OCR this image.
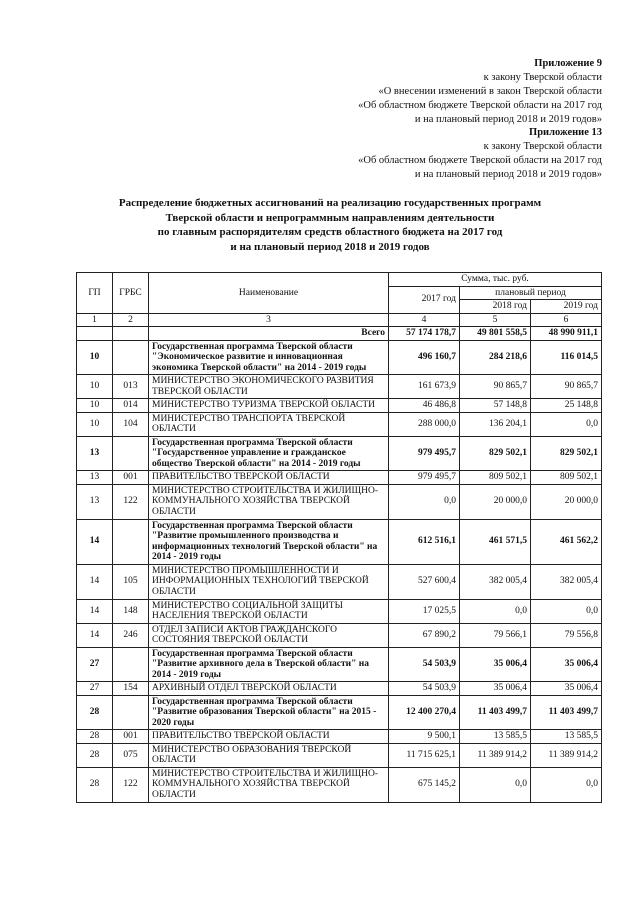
Приложение 9
к закону Тверской области
«О внесении изменений в закон Тверской области
«Об областном бюджете Тверской области на 2017 год
и на плановый период 2018 и 2019 годов»
Приложение 13
к закону Тверской области
«Об областном бюджете Тверской области на 2017 год
и на плановый период 2018 и 2019 годов»
Распределение бюджетных ассигнований на реализацию государственных программ
Тверской области и непрограммным направлениям деятельности
по главным распорядителям средств областного бюджета на 2017 год
и на плановый период 2018 и 2019 годов
ГП	ГРБС	Наименование	Сумма, тыс. руб.		
			2017 год	плановый период	
				2018 год	2019 год
1	2	3	4	5	6
		Всего	57 174 178,7	49 801 558,5	48 990 911,1
10		Государственная программа Тверской области "Экономическое развитие и инновационная экономика Тверской области" на 2014 - 2019 годы	496 160,7	284 218,6	116 014,5
10	013	МИНИСТЕРСТВО ЭКОНОМИЧЕСКОГО РАЗВИТИЯ ТВЕРСКОЙ ОБЛАСТИ	161 673,9	90 865,7	90 865,7
10	014	МИНИСТЕРСТВО ТУРИЗМА ТВЕРСКОЙ ОБЛАСТИ	46 486,8	57 148,8	25 148,8
10	104	МИНИСТЕРСТВО ТРАНСПОРТА ТВЕРСКОЙ ОБЛАСТИ	288 000,0	136 204,1	0,0
13		Государственная программа Тверской области "Государственное управление и гражданское общество Тверской области" на 2014 - 2019 годы	979 495,7	829 502,1	829 502,1
13	001	ПРАВИТЕЛЬСТВО ТВЕРСКОЙ ОБЛАСТИ	979 495,7	809 502,1	809 502,1
13	122	МИНИСТЕРСТВО СТРОИТЕЛЬСТВА И ЖИЛИЩНО-КОММУНАЛЬНОГО ХОЗЯЙСТВА ТВЕРСКОЙ ОБЛАСТИ	0,0	20 000,0	20 000,0
14		Государственная программа Тверской области "Развитие промышленного производства и информационных технологий Тверской области" на 2014 - 2019 годы	612 516,1	461 571,5	461 562,2
14	105	МИНИСТЕРСТВО ПРОМЫШЛЕННОСТИ И ИНФОРМАЦИОННЫХ ТЕХНОЛОГИЙ ТВЕРСКОЙ ОБЛАСТИ	527 600,4	382 005,4	382 005,4
14	148	МИНИСТЕРСТВО СОЦИАЛЬНОЙ ЗАЩИТЫ НАСЕЛЕНИЯ ТВЕРСКОЙ ОБЛАСТИ	17 025,5	0,0	0,0
14	246	ОТДЕЛ ЗАПИСИ АКТОВ ГРАЖДАНСКОГО СОСТОЯНИЯ ТВЕРСКОЙ ОБЛАСТИ	67 890,2	79 566,1	79 556,8
27		Государственная программа Тверской области "Развитие архивного дела в Тверской области" на 2014 - 2019 годы	54 503,9	35 006,4	35 006,4
27	154	АРХИВНЫЙ ОТДЕЛ ТВЕРСКОЙ ОБЛАСТИ	54 503,9	35 006,4	35 006,4
28		Государственная программа Тверской области "Развитие образования Тверской области" на 2015 - 2020 годы	12 400 270,4	11 403 499,7	11 403 499,7
28	001	ПРАВИТЕЛЬСТВО ТВЕРСКОЙ ОБЛАСТИ	9 500,1	13 585,5	13 585,5
28	075	МИНИСТЕРСТВО ОБРАЗОВАНИЯ ТВЕРСКОЙ ОБЛАСТИ	11 715 625,1	11 389 914,2	11 389 914,2
28	122	МИНИСТЕРСТВО СТРОИТЕЛЬСТВА И ЖИЛИЩНО-КОММУНАЛЬНОГО ХОЗЯЙСТВА ТВЕРСКОЙ ОБЛАСТИ	675 145,2	0,0	0,0
